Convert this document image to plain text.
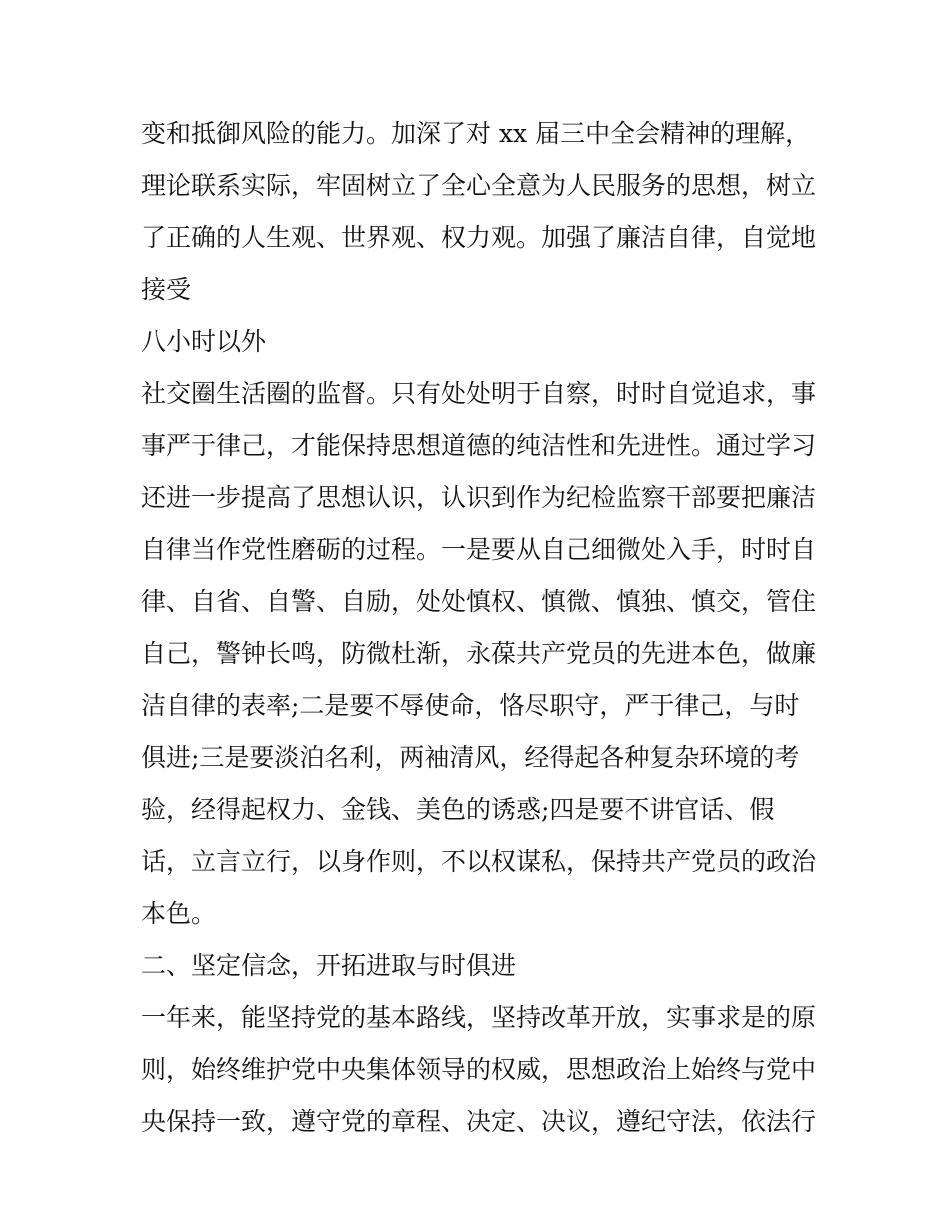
变和抵御风险的能力。加深了对 xx 届三中全会精神的理解，
理论联系实际，牢固树立了全心全意为人民服务的思想，树立
了正确的人生观、世界观、权力观。加强了廉洁自律，自觉地
接受
八小时以外
社交圈生活圈的监督。只有处处明于自察，时时自觉追求，事
事严于律己，才能保持思想道德的纯洁性和先进性。通过学习
还进一步提高了思想认识，认识到作为纪检监察干部要把廉洁
自律当作党性磨砺的过程。一是要从自己细微处入手，时时自
律、自省、自警、自励，处处慎权、慎微、慎独、慎交，管住
自己，警钟长鸣，防微杜渐，永葆共产党员的先进本色，做廉
洁自律的表率;二是要不辱使命，恪尽职守，严于律己，与时
俱进;三是要淡泊名利，两袖清风，经得起各种复杂环境的考
验，经得起权力、金钱、美色的诱惑;四是要不讲官话、假
话，立言立行，以身作则，不以权谋私，保持共产党员的政治
本色。
二、坚定信念，开拓进取与时俱进
一年来，能坚持党的基本路线，坚持改革开放，实事求是的原
则，始终维护党中央集体领导的权威，思想政治上始终与党中
央保持一致，遵守党的章程、决定、决议，遵纪守法，依法行
